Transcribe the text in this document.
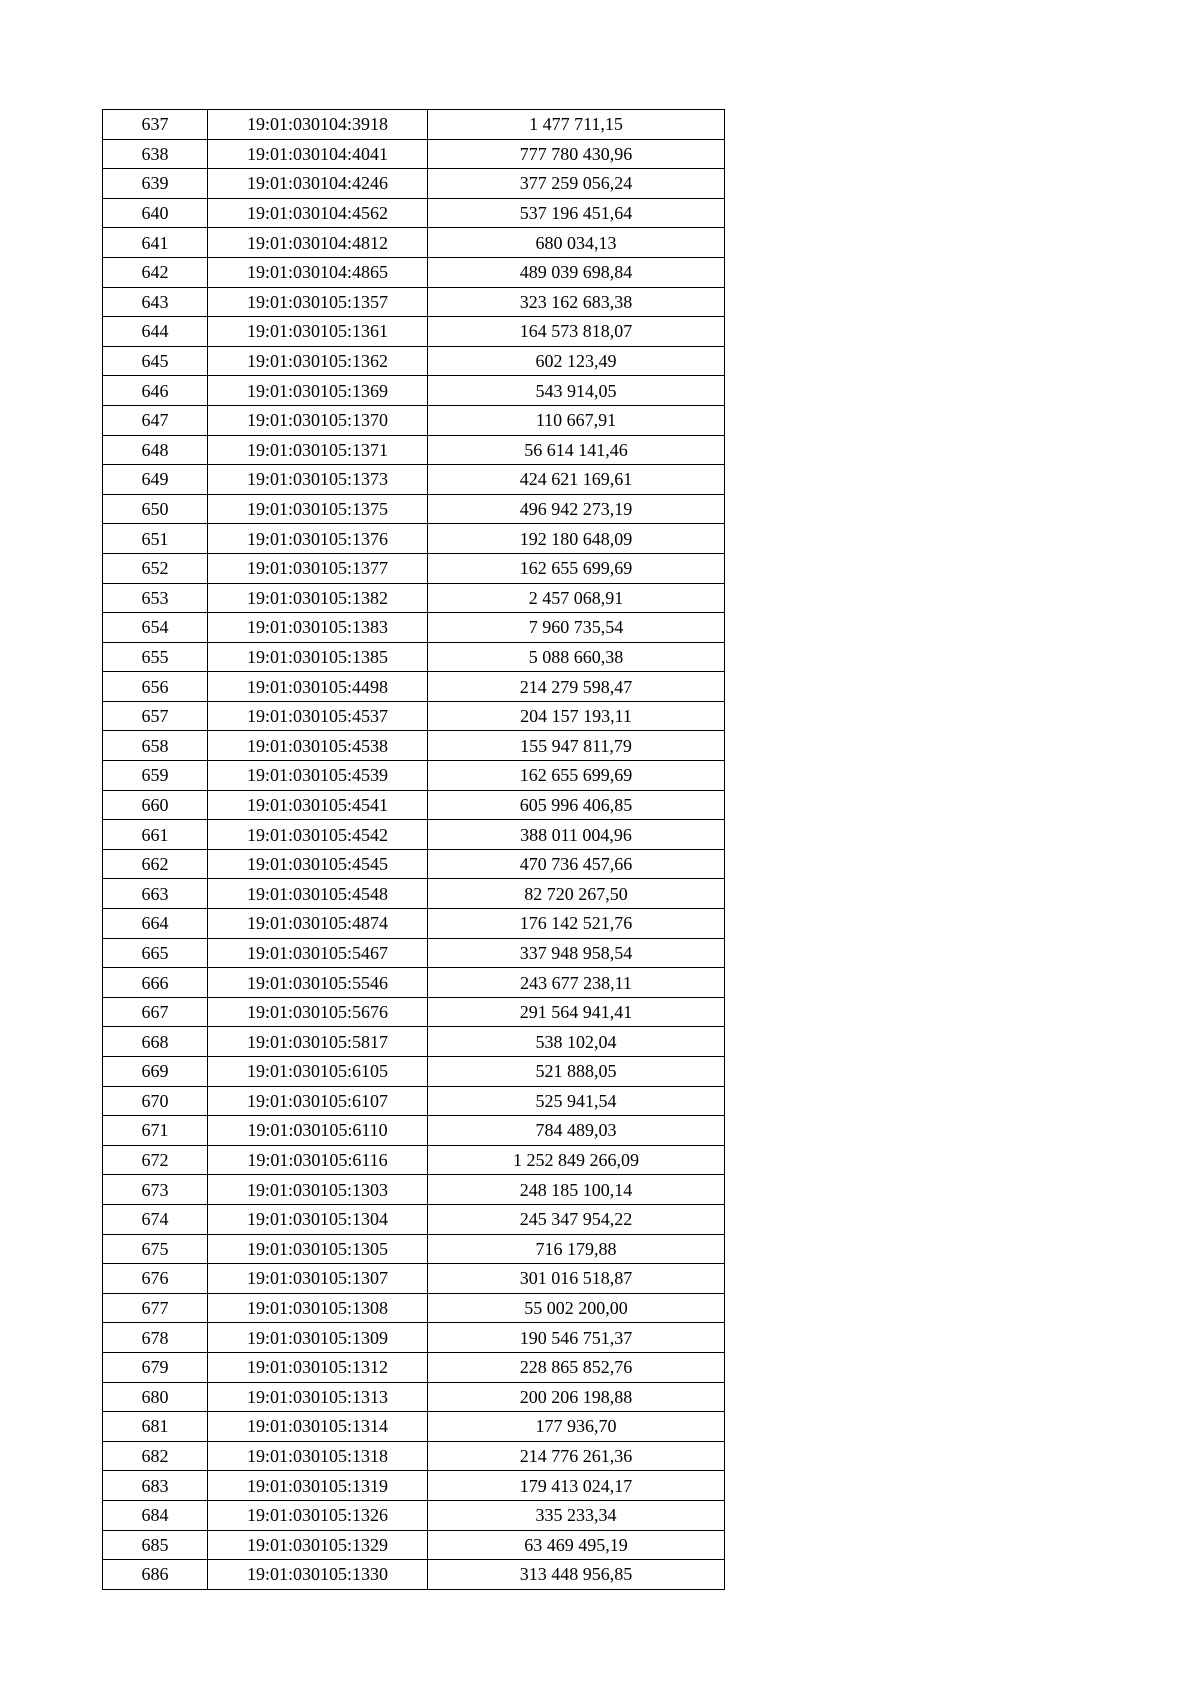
637	19:01:030104:3918	1 477 711,15
638	19:01:030104:4041	777 780 430,96
639	19:01:030104:4246	377 259 056,24
640	19:01:030104:4562	537 196 451,64
641	19:01:030104:4812	680 034,13
642	19:01:030104:4865	489 039 698,84
643	19:01:030105:1357	323 162 683,38
644	19:01:030105:1361	164 573 818,07
645	19:01:030105:1362	602 123,49
646	19:01:030105:1369	543 914,05
647	19:01:030105:1370	110 667,91
648	19:01:030105:1371	56 614 141,46
649	19:01:030105:1373	424 621 169,61
650	19:01:030105:1375	496 942 273,19
651	19:01:030105:1376	192 180 648,09
652	19:01:030105:1377	162 655 699,69
653	19:01:030105:1382	2 457 068,91
654	19:01:030105:1383	7 960 735,54
655	19:01:030105:1385	5 088 660,38
656	19:01:030105:4498	214 279 598,47
657	19:01:030105:4537	204 157 193,11
658	19:01:030105:4538	155 947 811,79
659	19:01:030105:4539	162 655 699,69
660	19:01:030105:4541	605 996 406,85
661	19:01:030105:4542	388 011 004,96
662	19:01:030105:4545	470 736 457,66
663	19:01:030105:4548	82 720 267,50
664	19:01:030105:4874	176 142 521,76
665	19:01:030105:5467	337 948 958,54
666	19:01:030105:5546	243 677 238,11
667	19:01:030105:5676	291 564 941,41
668	19:01:030105:5817	538 102,04
669	19:01:030105:6105	521 888,05
670	19:01:030105:6107	525 941,54
671	19:01:030105:6110	784 489,03
672	19:01:030105:6116	1 252 849 266,09
673	19:01:030105:1303	248 185 100,14
674	19:01:030105:1304	245 347 954,22
675	19:01:030105:1305	716 179,88
676	19:01:030105:1307	301 016 518,87
677	19:01:030105:1308	55 002 200,00
678	19:01:030105:1309	190 546 751,37
679	19:01:030105:1312	228 865 852,76
680	19:01:030105:1313	200 206 198,88
681	19:01:030105:1314	177 936,70
682	19:01:030105:1318	214 776 261,36
683	19:01:030105:1319	179 413 024,17
684	19:01:030105:1326	335 233,34
685	19:01:030105:1329	63 469 495,19
686	19:01:030105:1330	313 448 956,85
